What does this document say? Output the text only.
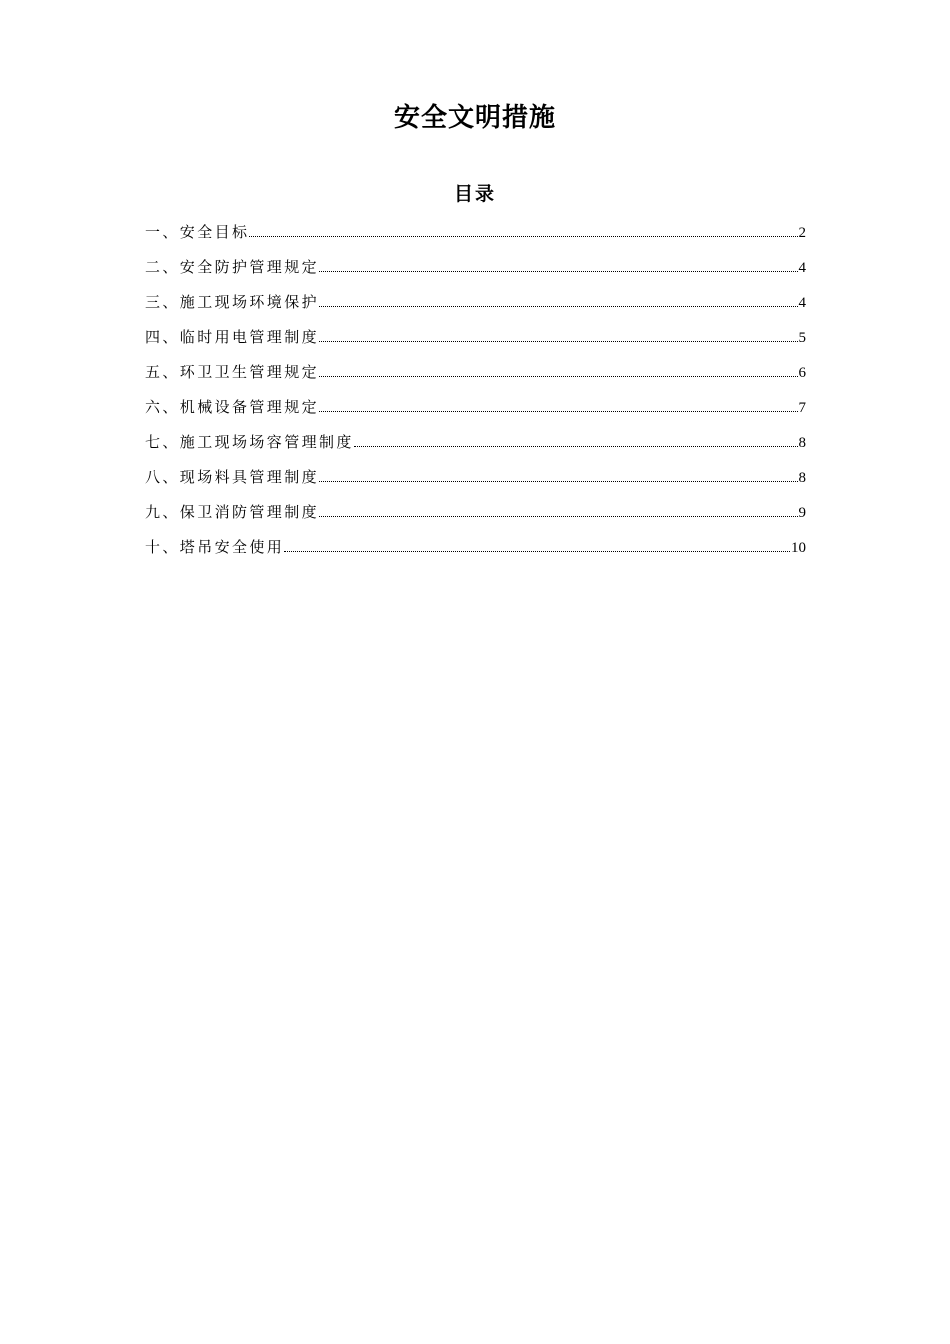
安全文明措施
目录
一、安全目标	2
二、安全防护管理规定	4
三、施工现场环境保护	4
四、临时用电管理制度	5
五、环卫卫生管理规定	6
六、机械设备管理规定	7
七、施工现场场容管理制度	8
八、现场料具管理制度	8
九、保卫消防管理制度	9
十、塔吊安全使用	10
